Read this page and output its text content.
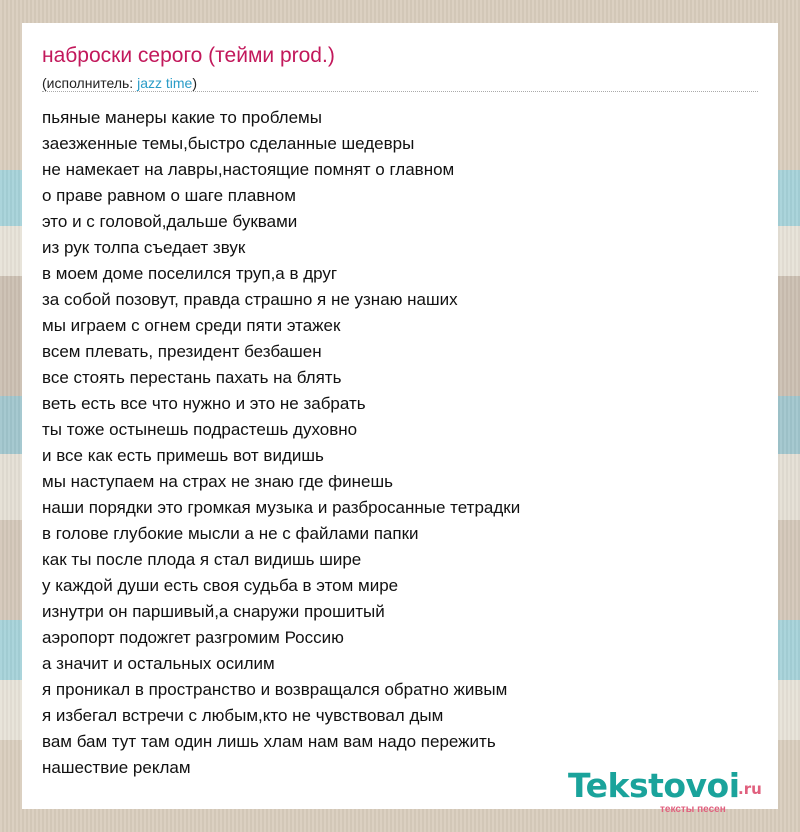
наброски серого (тейми prod.)
(исполнитель: jazz time)
пьяные манеры какие то проблемы
заезженные темы,быстро сделанные шедевры
не намекает на лавры,настоящие помнят о главном
о праве равном о шаге плавном
это и с головой,дальше буквами
из рук толпа съедает звук
в моем доме поселился труп,а в друг
за собой позовут, правда страшно я не узнаю наших
мы играем с огнем среди пяти этажек
всем плевать, президент безбашен
все стоять перестань пахать на блять
веть есть все что нужно и это не забрать
ты тоже остынешь подрастешь духовно
и все как есть примешь вот видишь
мы наступаем на страх не знаю где финешь
наши порядки это громкая музыка и разбросанные тетрадки
в голове глубокие мысли а не с файлами папки
как ты после плода я стал видишь шире
у каждой души есть своя судьба в этом мире
изнутри он паршивый,а снаружи прошитый
аэропорт подожгет разгромим Россию
а значит и остальных осилим
я проникал в пространство и возвращался обратно живым
я избегал встречи с любым,кто не чувствовал дым
вам бам тут там один лишь хлам нам вам надо пережить
нашествие реклам	Tekstovoi
.ru
тексты песен
